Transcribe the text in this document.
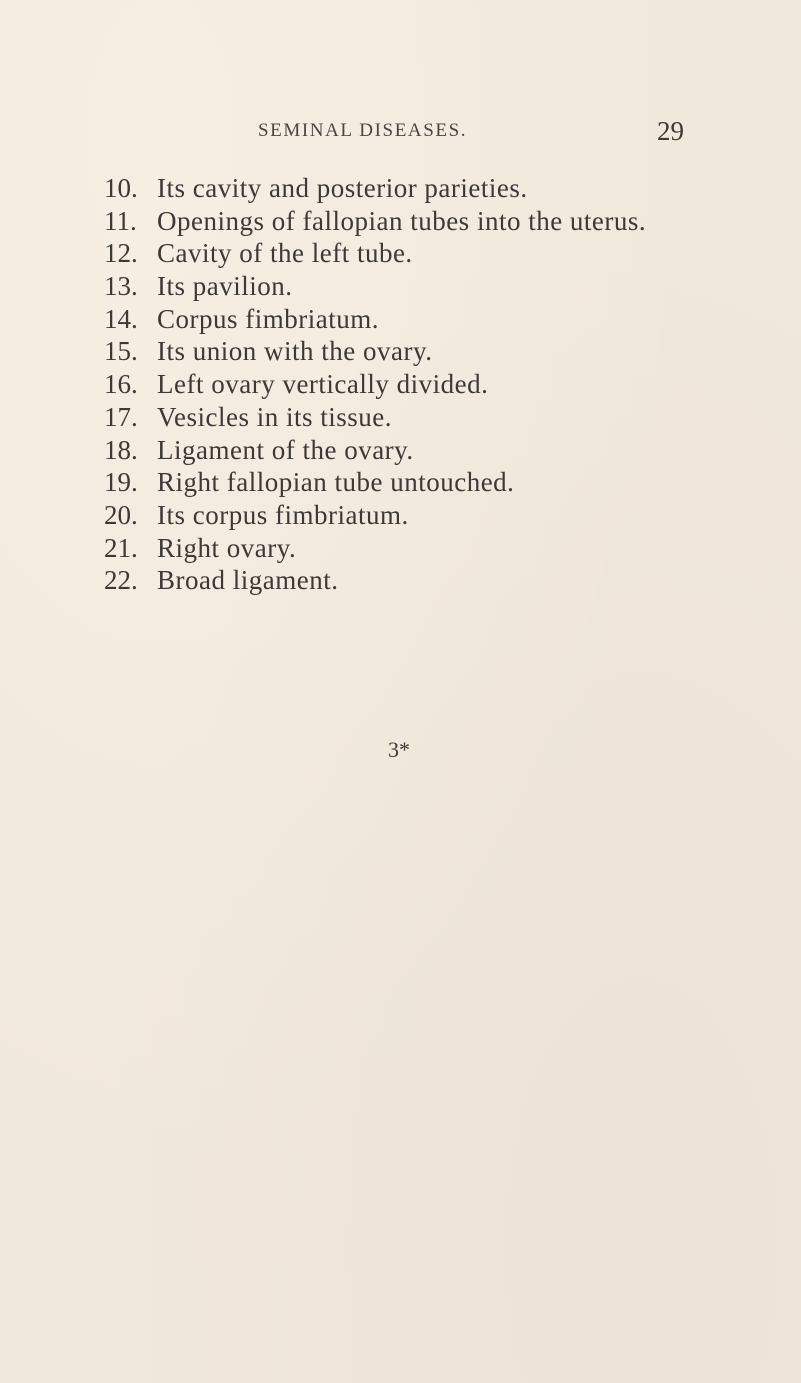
SEMINAL DISEASES.	29
10. Its cavity and posterior parieties.
11. Openings of fallopian tubes into the uterus.
12. Cavity of the left tube.
13. Its pavilion.
14. Corpus fimbriatum.
15. Its union with the ovary.
16. Left ovary vertically divided.
17. Vesicles in its tissue.
18. Ligament of the ovary.
19. Right fallopian tube untouched.
20. Its corpus fimbriatum.
21. Right ovary.
22. Broad ligament.
3*
